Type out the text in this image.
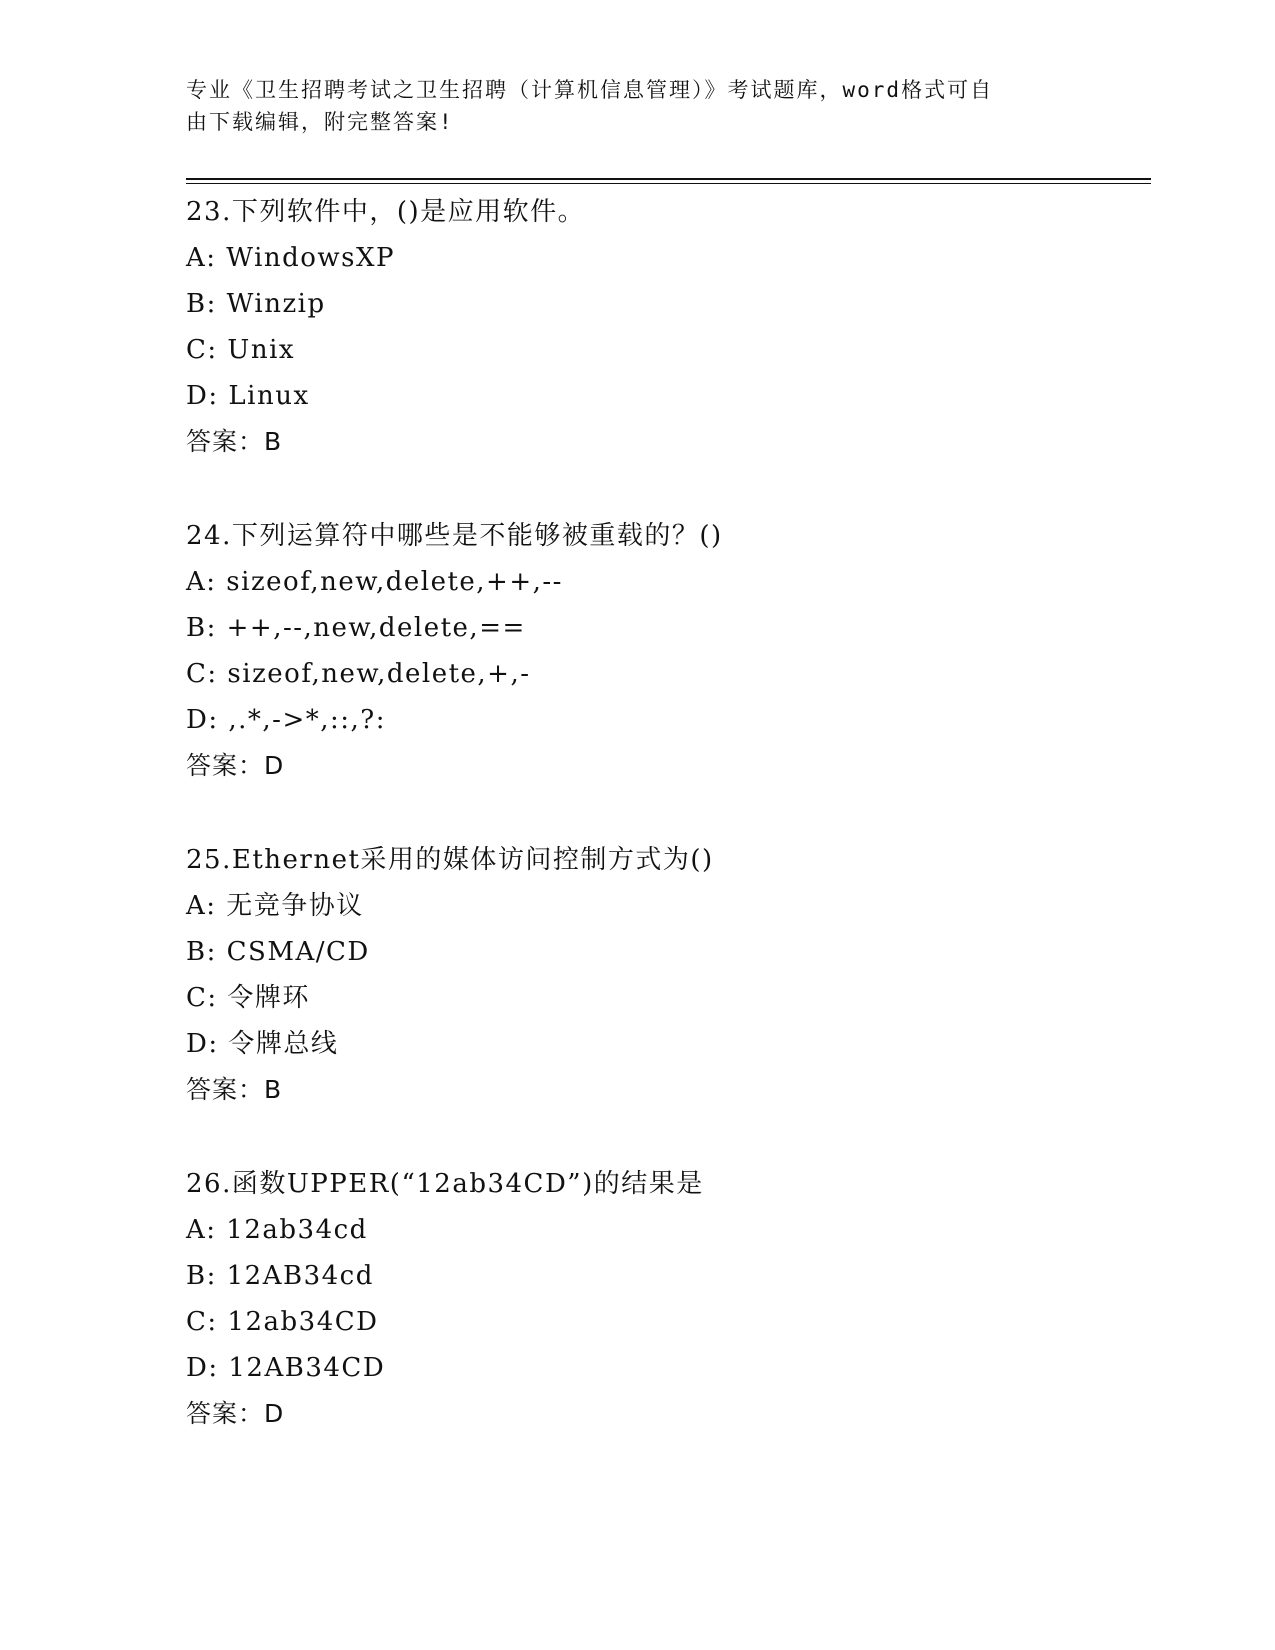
专业《卫生招聘考试之卫生招聘（计算机信息管理）》考试题库，word格式可自
由下载编辑，附完整答案!
23.下列软件中，()是应用软件。
A: WindowsXP
B: Winzip
C: Unix
D: Linux
答案：B
24.下列运算符中哪些是不能够被重载的？()
A: sizeof,new,delete,++,--
B: ++,--,new,delete,==
C: sizeof,new,delete,+,-
D: ,.*,->*,::,?:
答案：D
25.Ethernet采用的媒体访问控制方式为()
A: 无竞争协议
B: CSMA/CD
C: 令牌环
D: 令牌总线
答案：B
26.函数UPPER(“12ab34CD”)的结果是
A: 12ab34cd
B: 12AB34cd
C: 12ab34CD
D: 12AB34CD
答案：D
